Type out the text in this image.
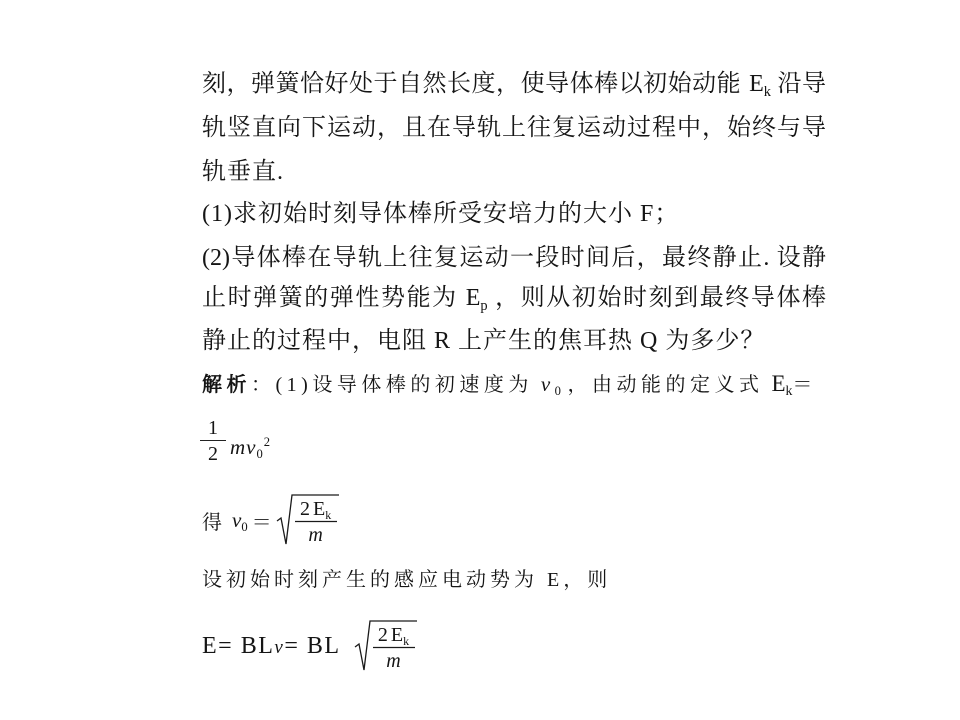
刻，弹簧恰好处于自然长度，使导体棒以初始动能 Ek 沿导
轨竖直向下运动，且在导轨上往复运动过程中，始终与导
轨垂直.
(1)求初始时刻导体棒所受安培力的大小 F；
(2)导体棒在导轨上往复运动一段时间后，最终静止. 设静
止时弹簧的弹性势能为 Ep ，则从初始时刻到最终导体棒
静止的过程中，电阻 R 上产生的焦耳热 Q 为多少？
解析：(1)设导体棒的初速度为 v0 ，由动能的定义式 Ek＝
1
2 $mv0^2$
得 v0 ＝
2 Ek
m
设初始时刻产生的感应电动势为 E，则
E= BLv= BL	2 Ek
m
